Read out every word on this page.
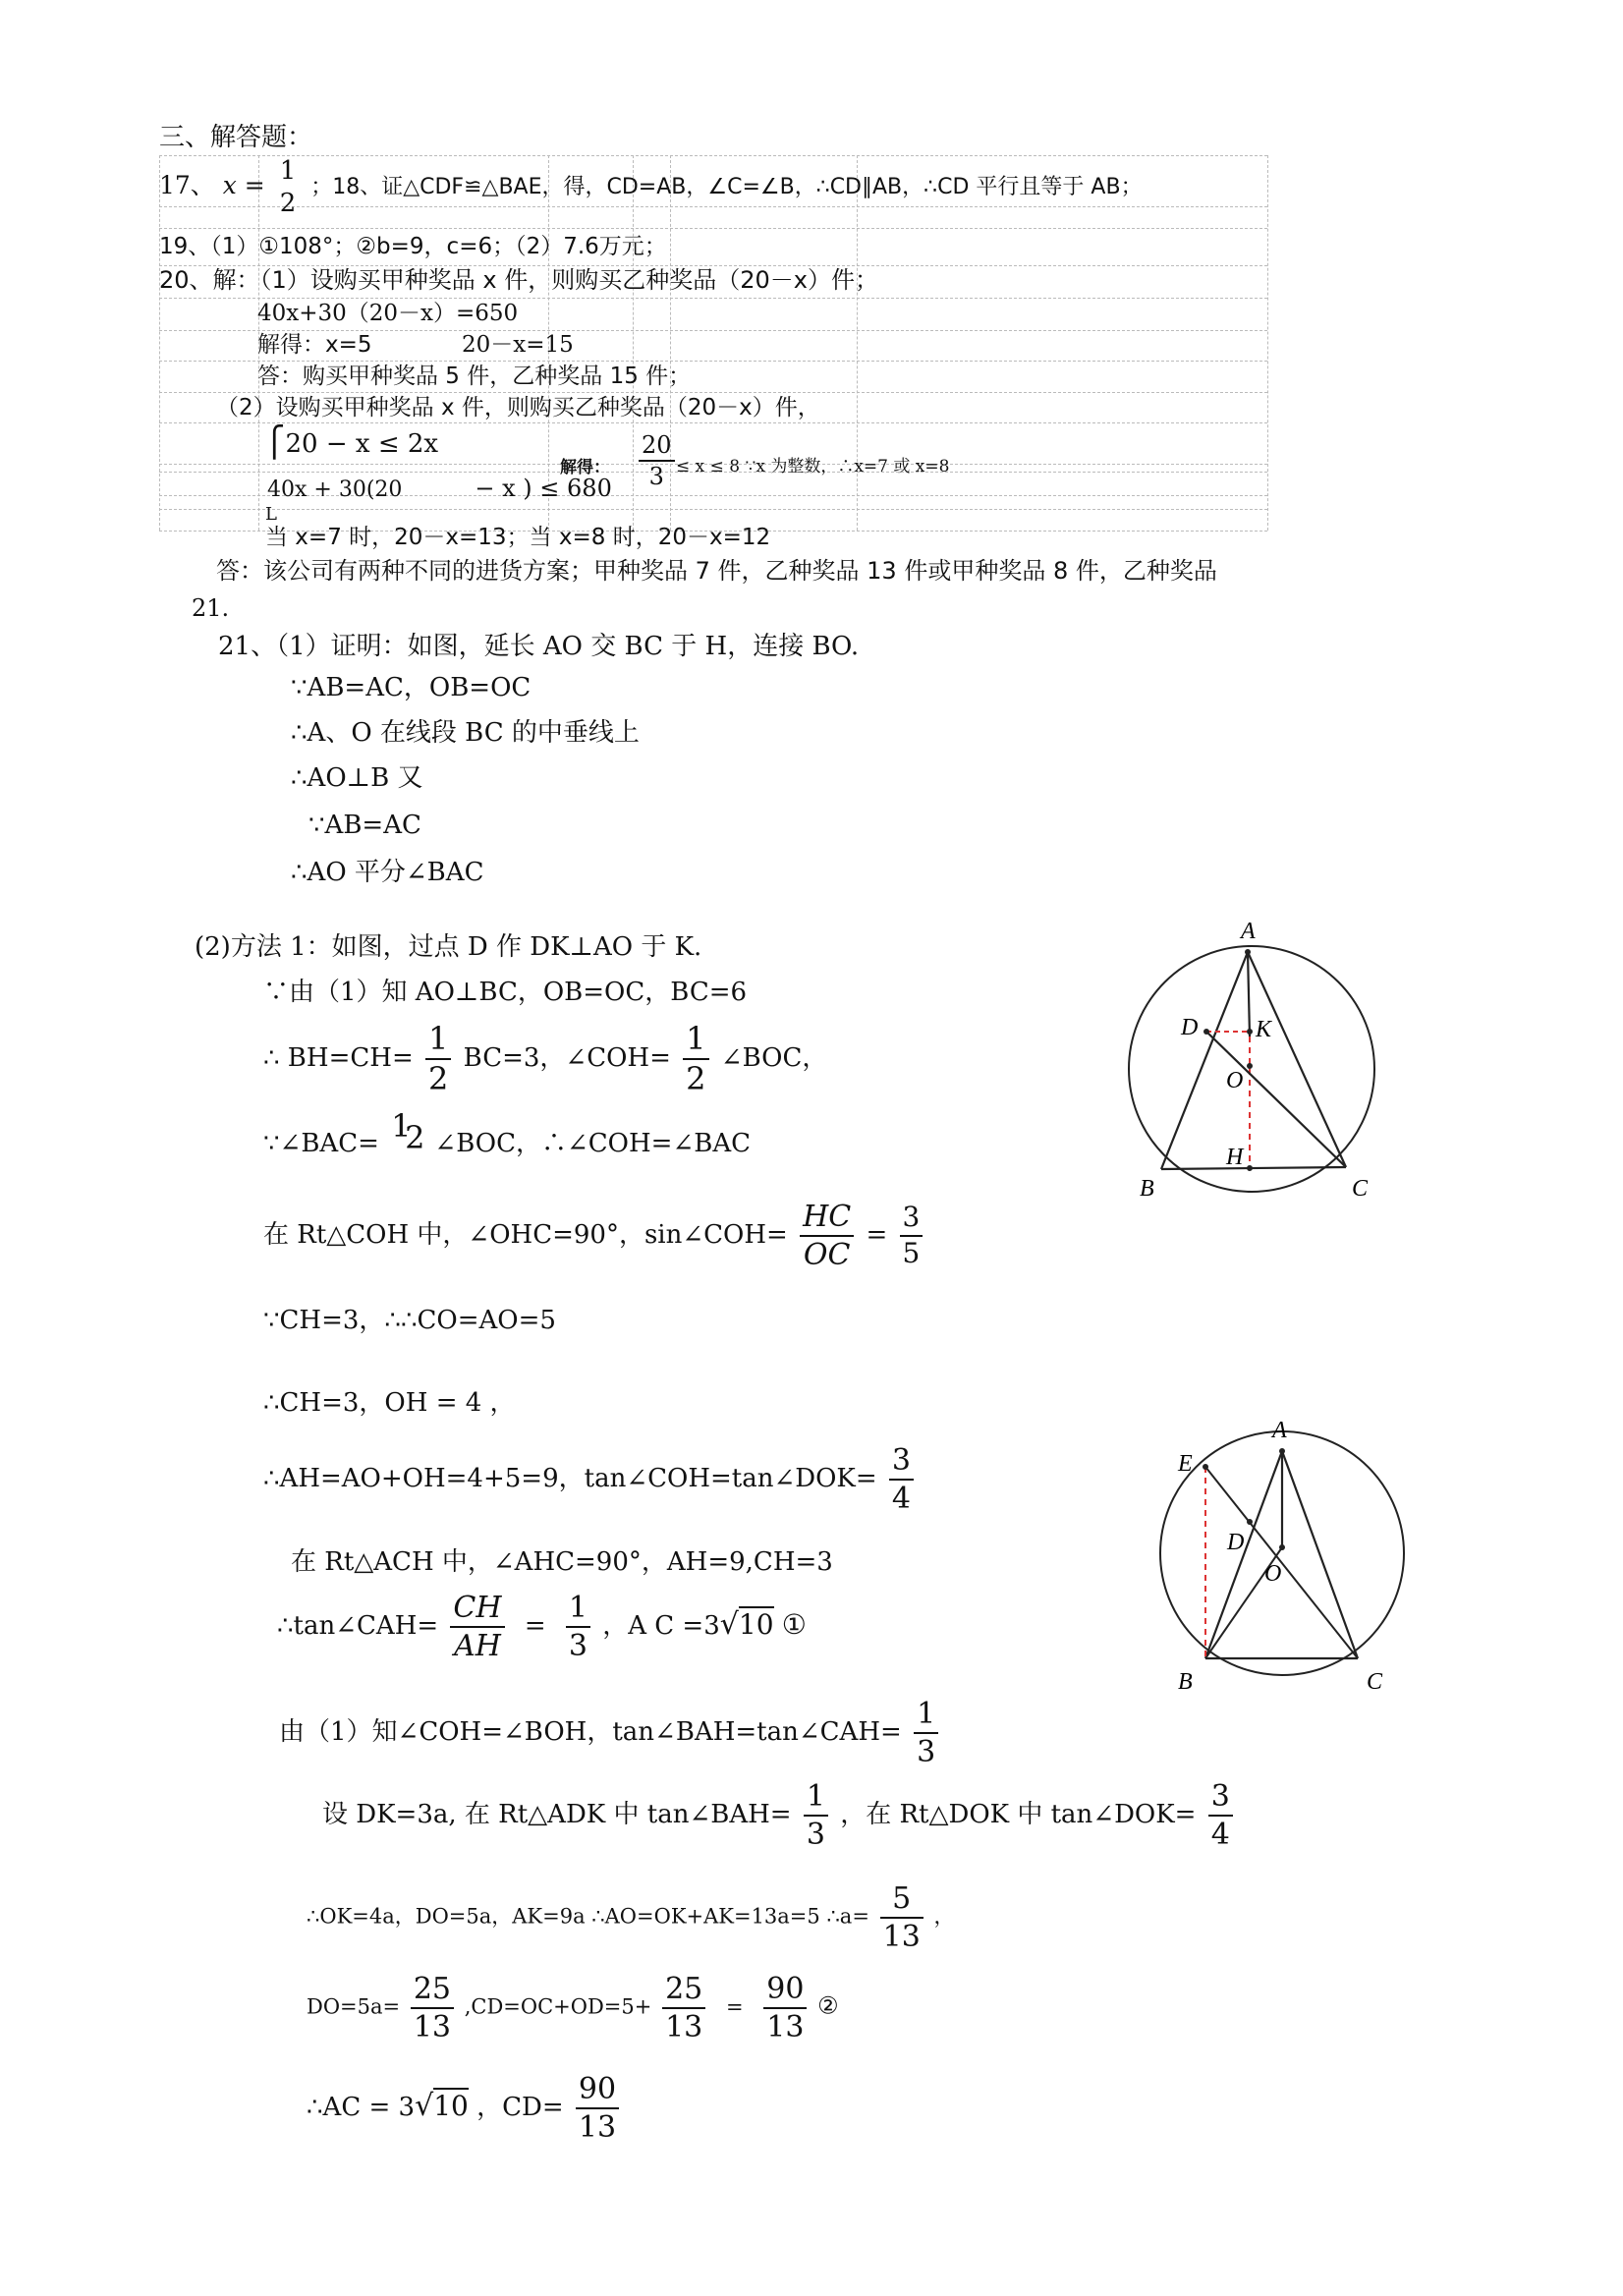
三、解答题：
17、 x = 1
2
；18、证△CDF≌△BAE，得，CD=AB，∠C=∠B，∴CD∥AB，∴CD 平行且等于 AB；
19、（1）①108°；②b=9，c=6；（2）7.6万元；
20、解：（1）设购买甲种奖品 x 件，则购买乙种奖品（20－x）件；
40x+30（20－x）=650
解得：x=5	20－x=15
答：购买甲种奖品 5 件，乙种奖品 15 件；
（2）设购买甲种奖品 x 件，则购买乙种奖品（20－x）件，
⎧20 − x ≤ 2x
40x + 30(20	− x ) ≤ 680
L
解得： $\frac{20}{3} \le x \le 8$ ∵x 为整数，∴x=7 或 x=8
当 x=7 时，20－x=13；当 x=8 时，20－x=12
答：该公司有两种不同的进货方案；甲种奖品 7 件，乙种奖品 13 件或甲种奖品 8 件，乙种奖品
21.
21、（1）证明：如图，延长 AO 交 BC 于 H，连接 BO.
∵AB=AC，OB=OC
∴A、O 在线段 BC 的中垂线上
∴AO⊥B 又
∵AB=AC
∴AO 平分∠BAC
(2)方法 1：如图，过点 D 作 DK⊥AO 于 K.
∵由（1）知 AO⊥BC，OB=OC，BC=6
∴ $BH=CH= \frac{1}{2} BC=3$，∠COH= $\frac{1}{2}$ ∠BOC，
∵∠BAC= 1
2 ∠BOC，∴∠COH=∠BAC
在 Rt△COH 中，∠OHC=90°，sin∠COH= $\frac{HC}{OC} = \frac{3}{5}$
∵CH=3，∴∴CO=AO=5
∴CH=3，OH = 4 ，
∴AH=AO+OH=4+5=9，tan∠COH=tan∠DOK= $\frac{3}{4}$
在 Rt△ACH 中，∠AHC=90°，AH=9,CH=3
∴tan∠CAH= $\frac{CH}{AH} = \frac{1}{3}$ ，A C =3√10 ①
由（1）知∠COH=∠BOH，tan∠BAH=tan∠CAH= $\frac{1}{3}$
设 DK=3a, 在 Rt△ADK 中 tan∠BAH= $\frac{1}{3}$ ，在 Rt△DOK 中 tan∠DOK= $\frac{3}{4}$
∴OK=4a，DO=5a，AK=9a ∴AO=OK+AK=13a=5 ∴a= $\frac{5}{13}$ ，
$DO=5a= \frac{25}{13} ,CD=OC+OD=5+ \frac{25}{13} = \frac{90}{13}$ ②
∴AC = 3√10 ，$CD= \frac{90}{13}$
A
D K
O
H
B	C
A
E
D
O
B	C
